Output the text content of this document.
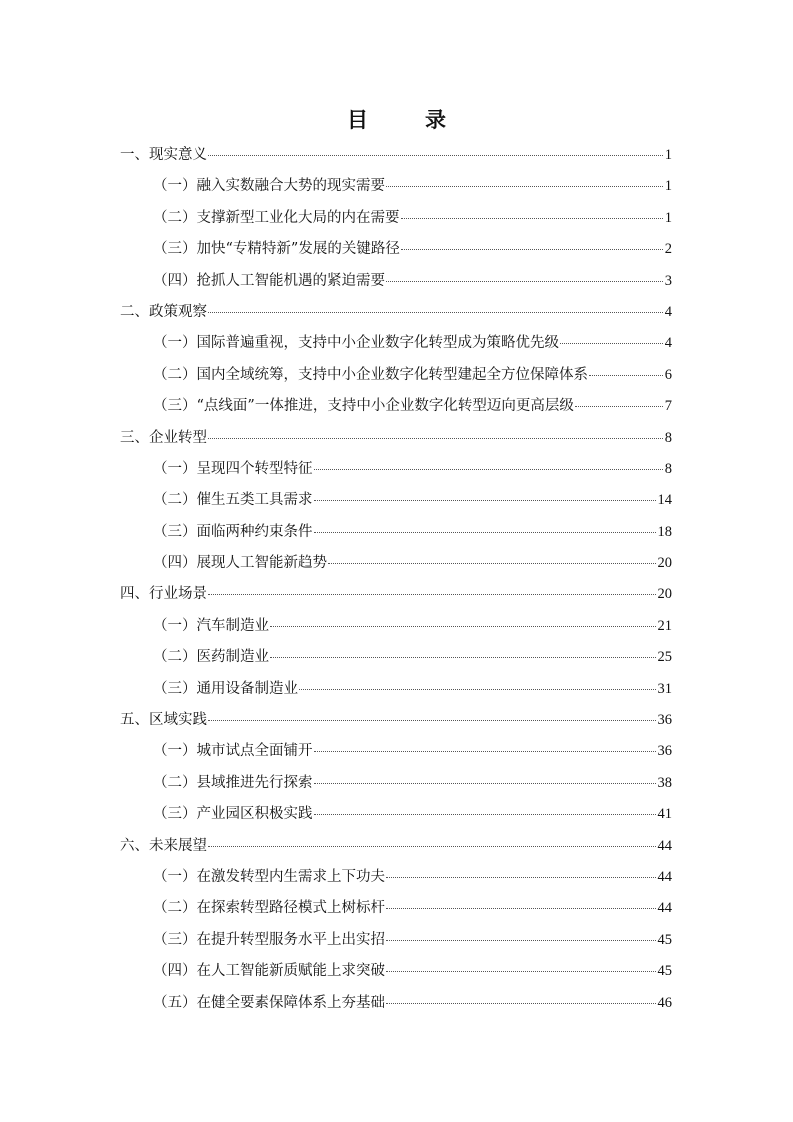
目　录
一、现实意义	1
（一）融入实数融合大势的现实需要	1
（二）支撑新型工业化大局的内在需要	1
（三）加快“专精特新”发展的关键路径	2
（四）抢抓人工智能机遇的紧迫需要	3
二、政策观察	4
（一）国际普遍重视，支持中小企业数字化转型成为策略优先级	4
（二）国内全域统筹，支持中小企业数字化转型建起全方位保障体系	6
（三）“点线面”一体推进，支持中小企业数字化转型迈向更高层级	7
三、企业转型	8
（一）呈现四个转型特征	8
（二）催生五类工具需求	14
（三）面临两种约束条件	18
（四）展现人工智能新趋势	20
四、行业场景	20
（一）汽车制造业	21
（二）医药制造业	25
（三）通用设备制造业	31
五、区域实践	36
（一）城市试点全面铺开	36
（二）县域推进先行探索	38
（三）产业园区积极实践	41
六、未来展望	44
（一）在激发转型内生需求上下功夫	44
（二）在探索转型路径模式上树标杆	44
（三）在提升转型服务水平上出实招	45
（四）在人工智能新质赋能上求突破	45
（五）在健全要素保障体系上夯基础	46
